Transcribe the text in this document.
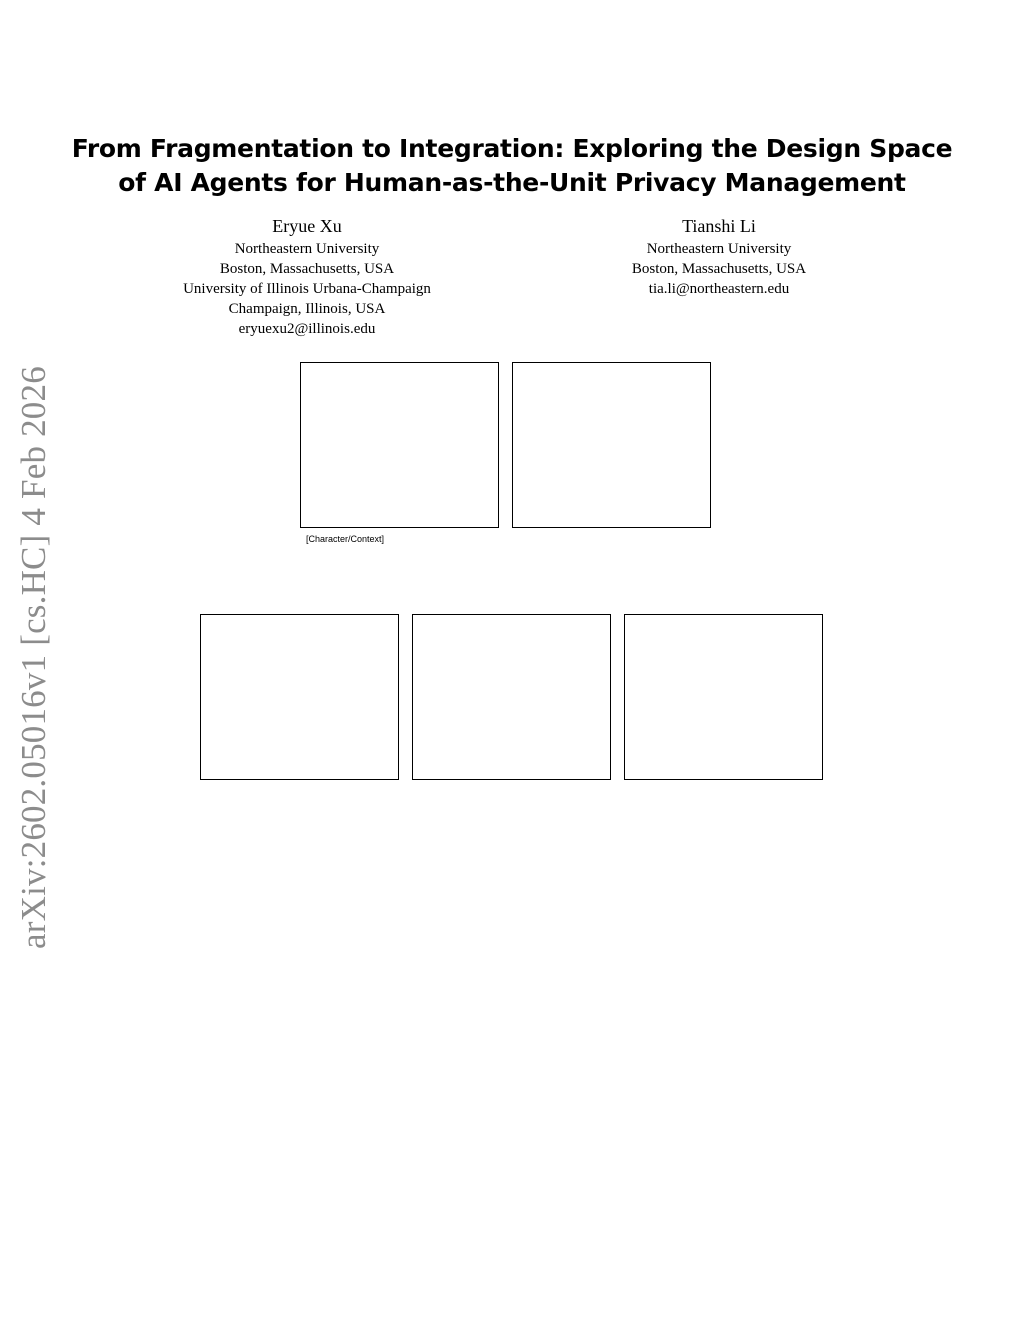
From Fragmentation to Integration: Exploring the Design Space
of AI Agents for Human-as-the-Unit Privacy Management
Eryue Xu
Northeastern University
Boston, Massachusetts, USA
University of Illinois Urbana-Champaign
Champaign, Illinois, USA
eryuexu2@illinois.edu
Tianshi Li
Northeastern University
Boston, Massachusetts, USA
tia.li@northeastern.edu
arXiv:2602.05016v1 [cs.HC] 4 Feb 2026	[Character/Context]
